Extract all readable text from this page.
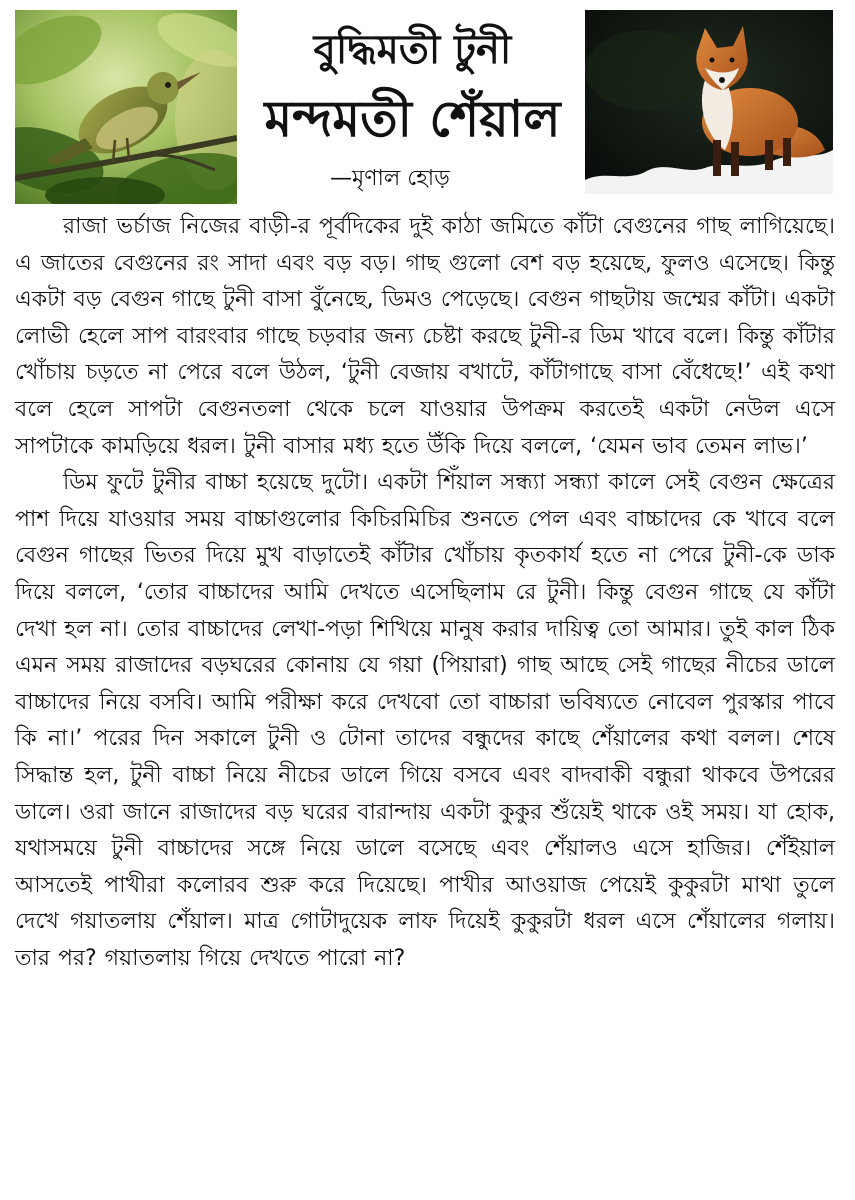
বুদ্ধিমতী টুনী
মন্দমতী শেঁয়াল
—মৃণাল হোড়

রাজা ভর্চাজ নিজের বাড়ী-র পূর্বদিকের দুই কাঠা জমিতে কাঁটা বেগুনের গাছ লাগিয়েছে। এ জাতের বেগুনের রং সাদা এবং বড় বড়। গাছ গুলো বেশ বড় হয়েছে, ফুলও এসেছে। কিন্তু একটা বড় বেগুন গাছে টুনী বাসা বুঁনেছে, ডিমও পেড়েছে। বেগুন গাছটায় জম্মের কাঁটা। একটা লোভী হেলে সাপ বারংবার গাছে চড়বার জন্য চেষ্টা করছে টুনী-র ডিম খাবে বলে। কিন্তু কাঁটার খোঁচায় চড়তে না পেরে বলে উঠল, ‘টুনী বেজায় বখাটে, কাঁটাগাছে বাসা বেঁধেছে!’ এই কথা বলে হেলে সাপটা বেগুনতলা থেকে চলে যাওয়ার উপক্রম করতেই একটা নেউল এসে সাপটাকে কামড়িয়ে ধরল। টুনী বাসার মধ্য হতে উঁকি দিয়ে বললে, ‘যেমন ভাব তেমন লাভ।’

ডিম ফুটে টুনীর বাচ্চা হয়েছে দুটো। একটা শিঁয়াল সন্ধ্যা সন্ধ্যা কালে সেই বেগুন ক্ষেত্রের পাশ দিয়ে যাওয়ার সময় বাচ্চাগুলোর কিচিরমিচির শুনতে পেল এবং বাচ্চাদের কে খাবে বলে বেগুন গাছের ভিতর দিয়ে মুখ বাড়াতেই কাঁটার খোঁচায় কৃতকার্য হতে না পেরে টুনী-কে ডাক দিয়ে বললে, ‘তোর বাচ্চাদের আমি দেখতে এসেছিলাম রে টুনী। কিন্তু বেগুন গাছে যে কাঁটা দেখা হল না। তোর বাচ্চাদের লেখা-পড়া শিখিয়ে মানুষ করার দায়িত্ব তো আমার। তুই কাল ঠিক এমন সময় রাজাদের বড়ঘরের কোনায় যে গয়া (পিয়ারা) গাছ আছে সেই গাছের নীচের ডালে বাচ্চাদের নিয়ে বসবি। আমি পরীক্ষা করে দেখবো তো বাচ্চারা ভবিষ্যতে নোবেল পুরস্কার পাবে কি না।’ পরের দিন সকালে টুনী ও টোনা তাদের বন্ধুদের কাছে শেঁয়ালের কথা বলল। শেষে সিদ্ধান্ত হল, টুনী বাচ্চা নিয়ে নীচের ডালে গিয়ে বসবে এবং বাদবাকী বন্ধুরা থাকবে উপরের ডালে। ওরা জানে রাজাদের বড় ঘরের বারান্দায় একটা কুকুর শুঁয়েই থাকে ওই সময়। যা হোক, যথাসময়ে টুনী বাচ্চাদের সঙ্গে নিয়ে ডালে বসেছে এবং শেঁয়ালও এসে হাজির। শেঁইয়াল আসতেই পাখীরা কলোরব শুরু করে দিয়েছে। পাখীর আওয়াজ পেয়েই কুকুরটা মাথা তুলে দেখে গয়াতলায় শেঁয়াল। মাত্র গোটাদুয়েক লাফ দিয়েই কুকুরটা ধরল এসে শেঁয়ালের গলায়। তার পর? গয়াতলায় গিয়ে দেখতে পারো না?
